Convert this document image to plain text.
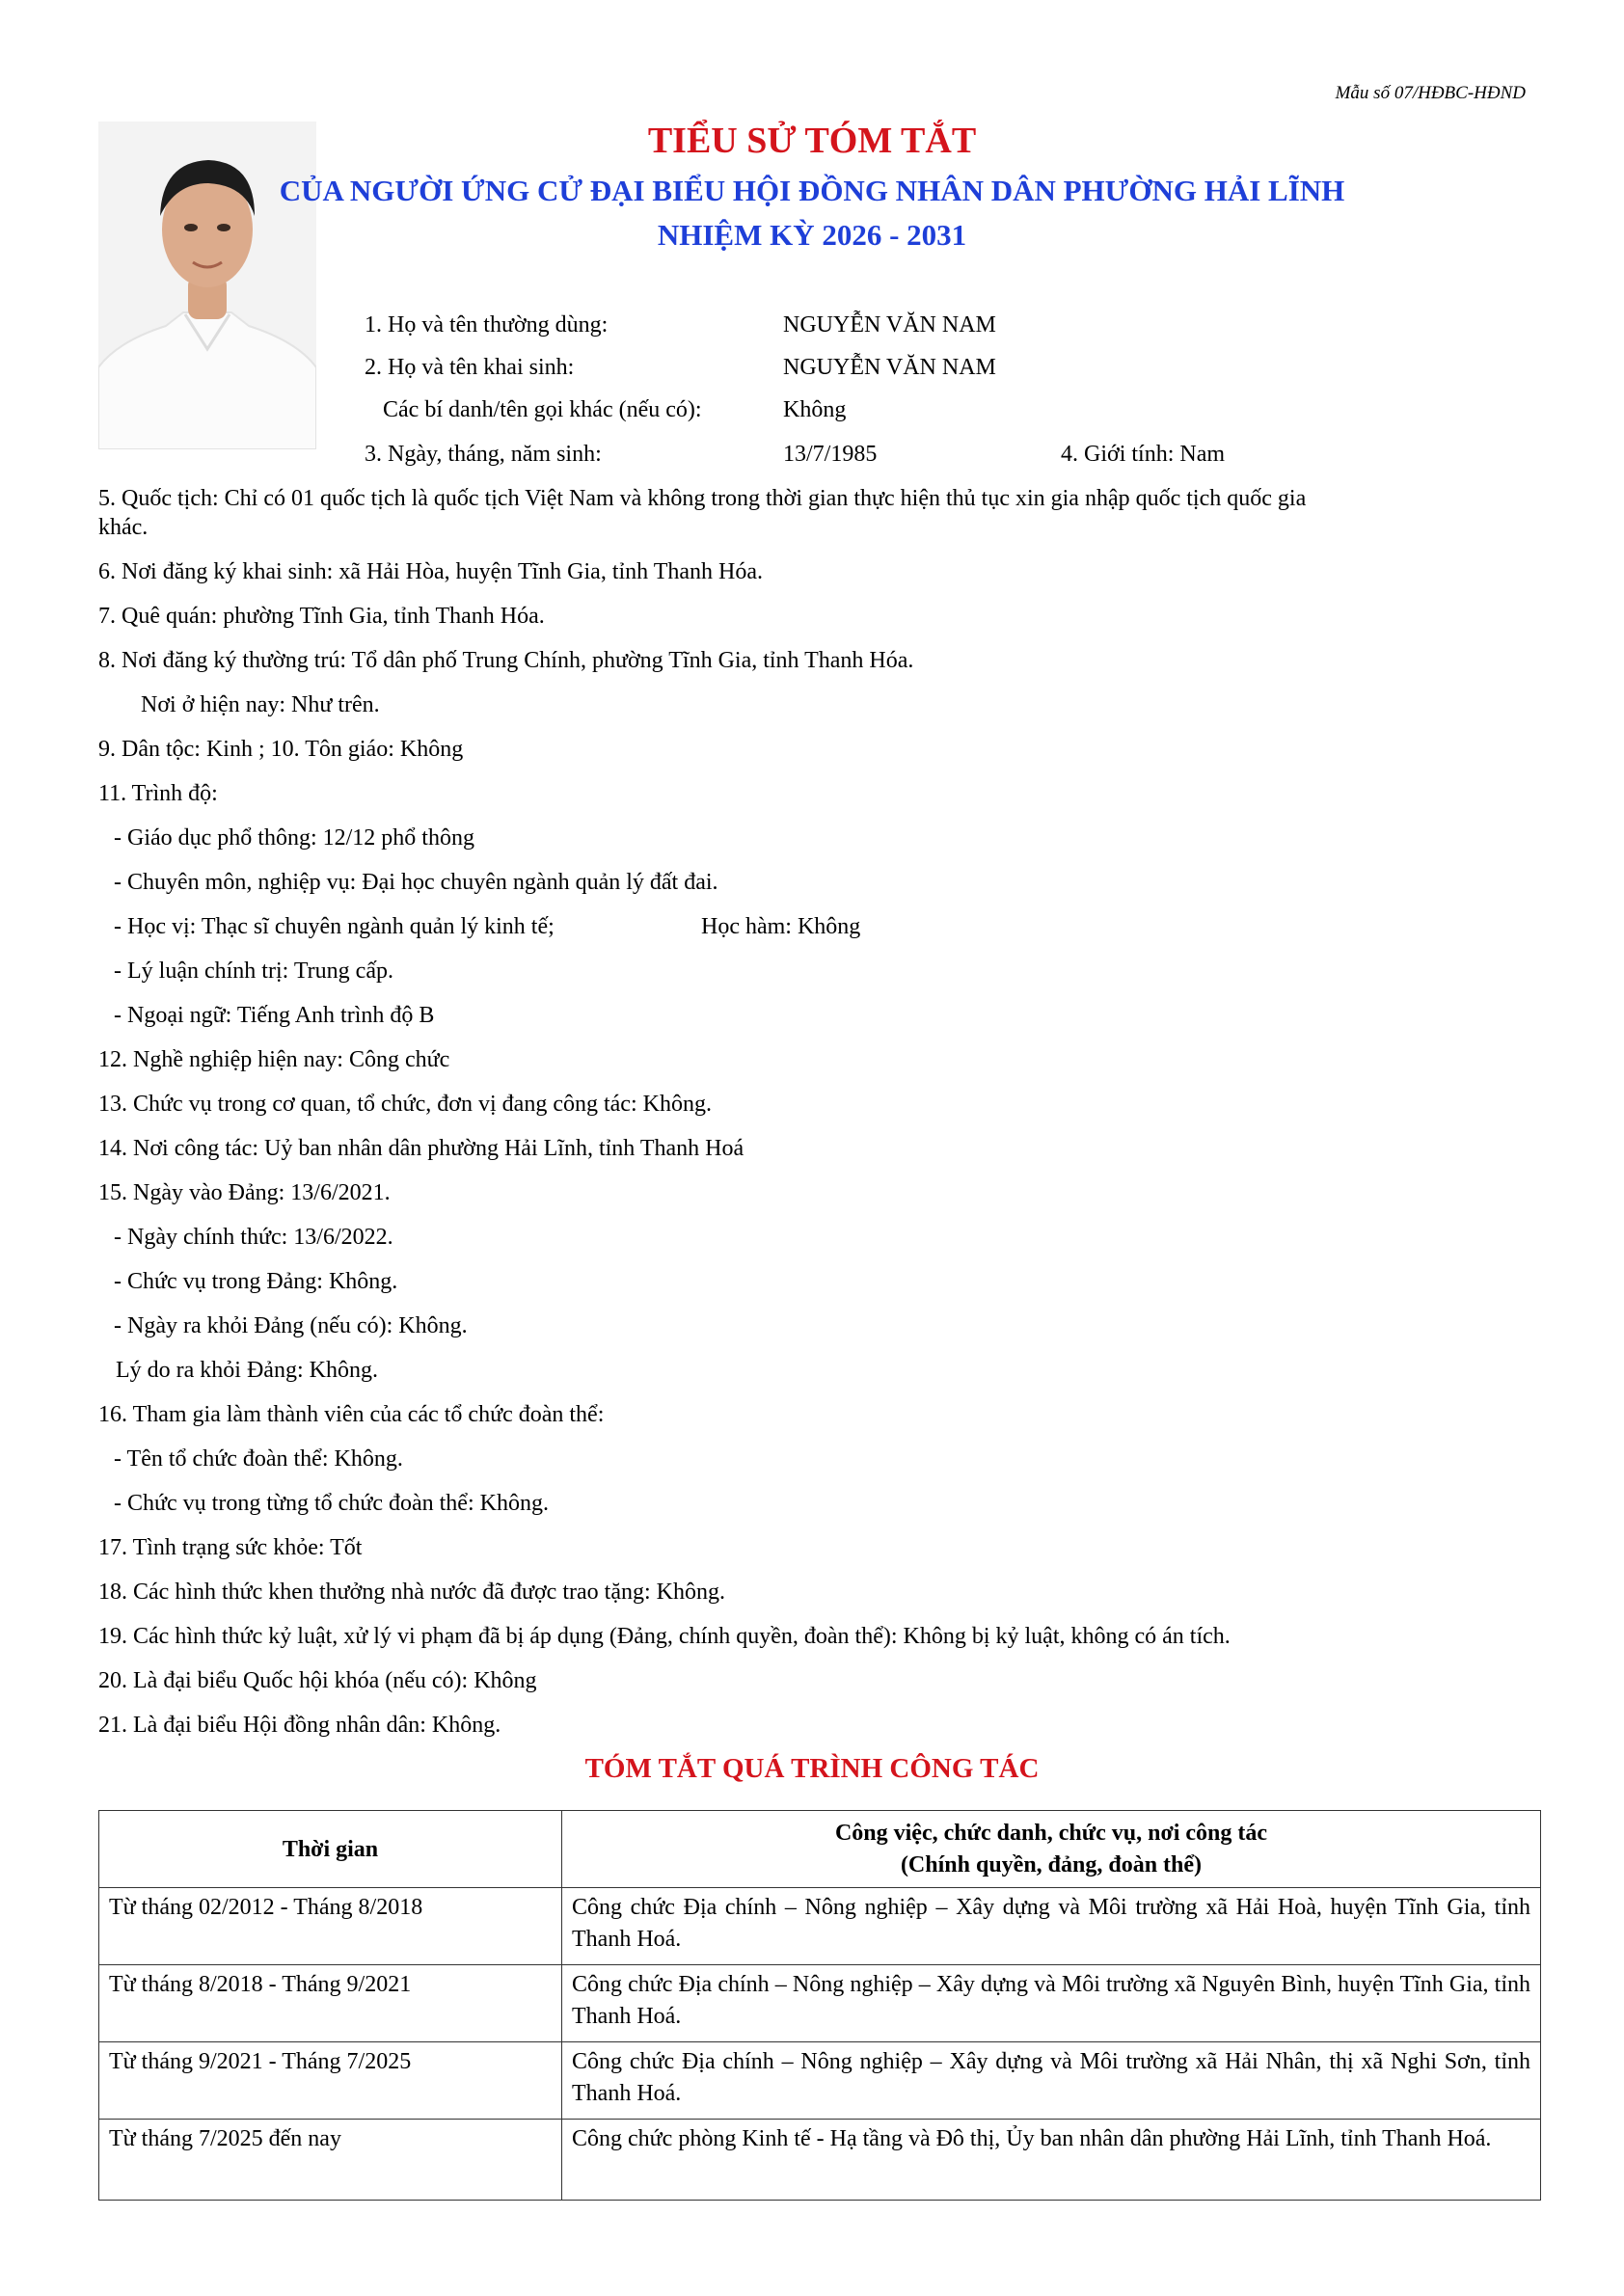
Mẫu số 07/HĐBC-HĐND
TIỂU SỬ TÓM TẮT
CỦA NGƯỜI ỨNG CỬ ĐẠI BIỂU HỘI ĐỒNG NHÂN DÂN PHƯỜNG HẢI LĨNH
NHIỆM KỲ 2026 - 2031
1. Họ và tên thường dùng:	NGUYỄN VĂN NAM
2. Họ và tên khai sinh:	NGUYỄN VĂN NAM
Các bí danh/tên gọi khác (nếu có):	Không
3. Ngày, tháng, năm sinh:	13/7/1985	4. Giới tính: Nam
5. Quốc tịch: Chỉ có 01 quốc tịch là quốc tịch Việt Nam và không trong thời gian thực hiện thủ tục xin gia nhập quốc tịch quốc gia
khác.
6. Nơi đăng ký khai sinh: xã Hải Hòa, huyện Tĩnh Gia, tỉnh Thanh Hóa.
7. Quê quán: phường Tĩnh Gia, tỉnh Thanh Hóa.
8. Nơi đăng ký thường trú: Tổ dân phố Trung Chính, phường Tĩnh Gia, tỉnh Thanh Hóa.
Nơi ở hiện nay: Như trên.
9. Dân tộc: Kinh ; 10. Tôn giáo: Không
11. Trình độ:
- Giáo dục phổ thông: 12/12 phổ thông
- Chuyên môn, nghiệp vụ: Đại học chuyên ngành quản lý đất đai.
- Học vị: Thạc sĩ chuyên ngành quản lý kinh tế;	Học hàm: Không
- Lý luận chính trị: Trung cấp.
- Ngoại ngữ: Tiếng Anh trình độ B
12. Nghề nghiệp hiện nay: Công chức
13. Chức vụ trong cơ quan, tổ chức, đơn vị đang công tác: Không.
14. Nơi công tác: Uỷ ban nhân dân phường Hải Lĩnh, tỉnh Thanh Hoá
15. Ngày vào Đảng: 13/6/2021.
- Ngày chính thức: 13/6/2022.
- Chức vụ trong Đảng: Không.
- Ngày ra khỏi Đảng (nếu có): Không.
Lý do ra khỏi Đảng: Không.
16. Tham gia làm thành viên của các tổ chức đoàn thể:
- Tên tổ chức đoàn thể: Không.
- Chức vụ trong từng tổ chức đoàn thể: Không.
17. Tình trạng sức khỏe: Tốt
18. Các hình thức khen thưởng nhà nước đã được trao tặng: Không.
19. Các hình thức kỷ luật, xử lý vi phạm đã bị áp dụng (Đảng, chính quyền, đoàn thể): Không bị kỷ luật, không có án tích.
20. Là đại biểu Quốc hội khóa (nếu có): Không
21. Là đại biểu Hội đồng nhân dân: Không.
TÓM TẮT QUÁ TRÌNH CÔNG TÁC
Thời gian	Công việc, chức danh, chức vụ, nơi công tác
(Chính quyền, đảng, đoàn thể)

Từ tháng 02/2012 - Tháng 8/2018	Công chức Địa chính – Nông nghiệp – Xây dựng và Môi trường xã Hải Hoà, huyện Tĩnh Gia, tỉnh Thanh Hoá.
Từ tháng 8/2018 - Tháng 9/2021	Công chức Địa chính – Nông nghiệp – Xây dựng và Môi trường xã Nguyên Bình, huyện Tĩnh Gia, tỉnh Thanh Hoá.
Từ tháng 9/2021 - Tháng 7/2025	Công chức Địa chính – Nông nghiệp – Xây dựng và Môi trường xã Hải Nhân, thị xã Nghi Sơn, tỉnh Thanh Hoá.
Từ tháng 7/2025 đến nay	Công chức phòng Kinh tế - Hạ tầng và Đô thị, Ủy ban nhân dân phường Hải Lĩnh, tỉnh Thanh Hoá.
